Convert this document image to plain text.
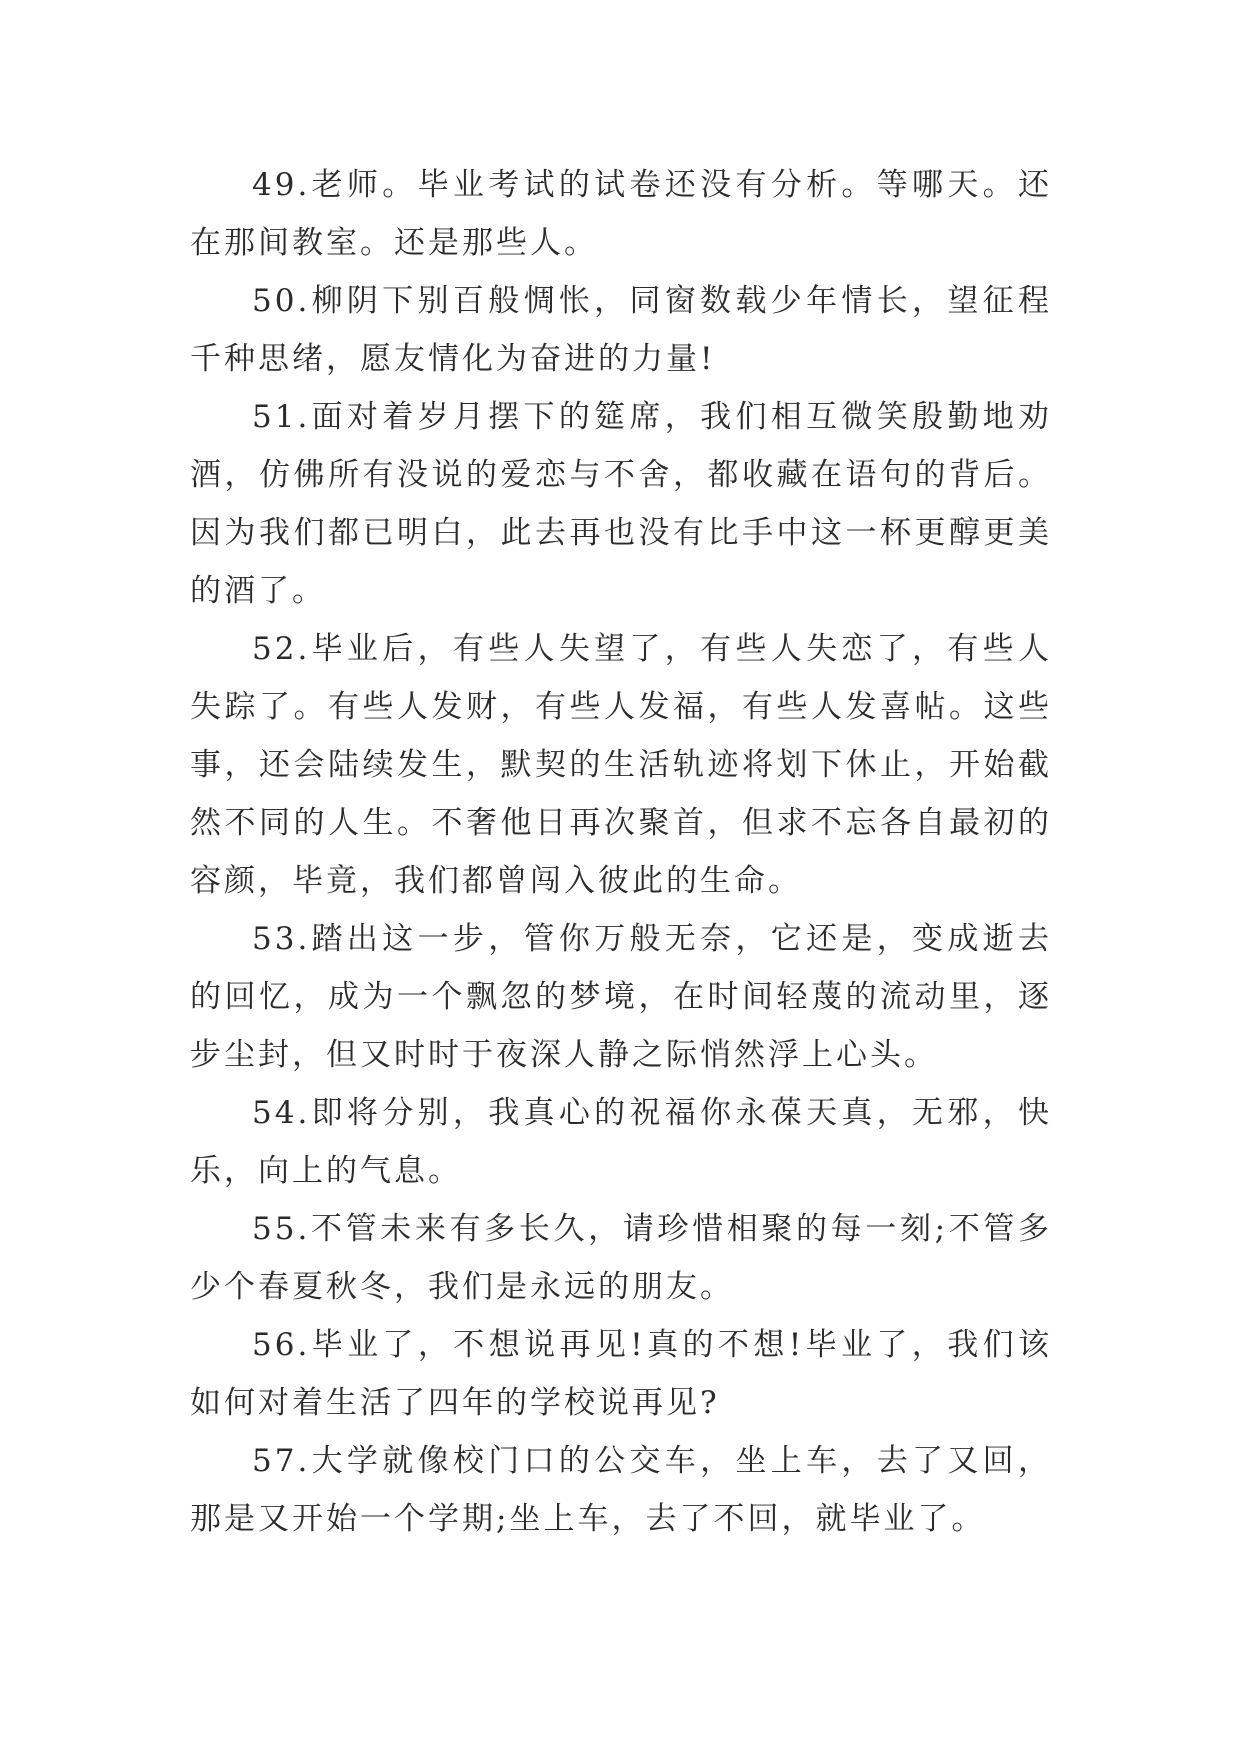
49.老师。毕业考试的试卷还没有分析。等哪天。还在那间教室。还是那些人。

50.柳阴下别百般惆怅，同窗数载少年情长，望征程千种思绪，愿友情化为奋进的力量!

51.面对着岁月摆下的筵席，我们相互微笑殷勤地劝酒，仿佛所有没说的爱恋与不舍，都收藏在语句的背后。因为我们都已明白，此去再也没有比手中这一杯更醇更美的酒了。

52.毕业后，有些人失望了，有些人失恋了，有些人失踪了。有些人发财，有些人发福，有些人发喜帖。这些事，还会陆续发生，默契的生活轨迹将划下休止，开始截然不同的人生。不奢他日再次聚首，但求不忘各自最初的容颜，毕竟，我们都曾闯入彼此的生命。

53.踏出这一步，管你万般无奈，它还是，变成逝去的回忆，成为一个飘忽的梦境，在时间轻蔑的流动里，逐步尘封，但又时时于夜深人静之际悄然浮上心头。

54.即将分别，我真心的祝福你永葆天真，无邪，快乐，向上的气息。

55.不管未来有多长久，请珍惜相聚的每一刻;不管多少个春夏秋冬，我们是永远的朋友。

56.毕业了，不想说再见!真的不想!毕业了，我们该如何对着生活了四年的学校说再见?

57.大学就像校门口的公交车，坐上车，去了又回，那是又开始一个学期;坐上车，去了不回，就毕业了。
